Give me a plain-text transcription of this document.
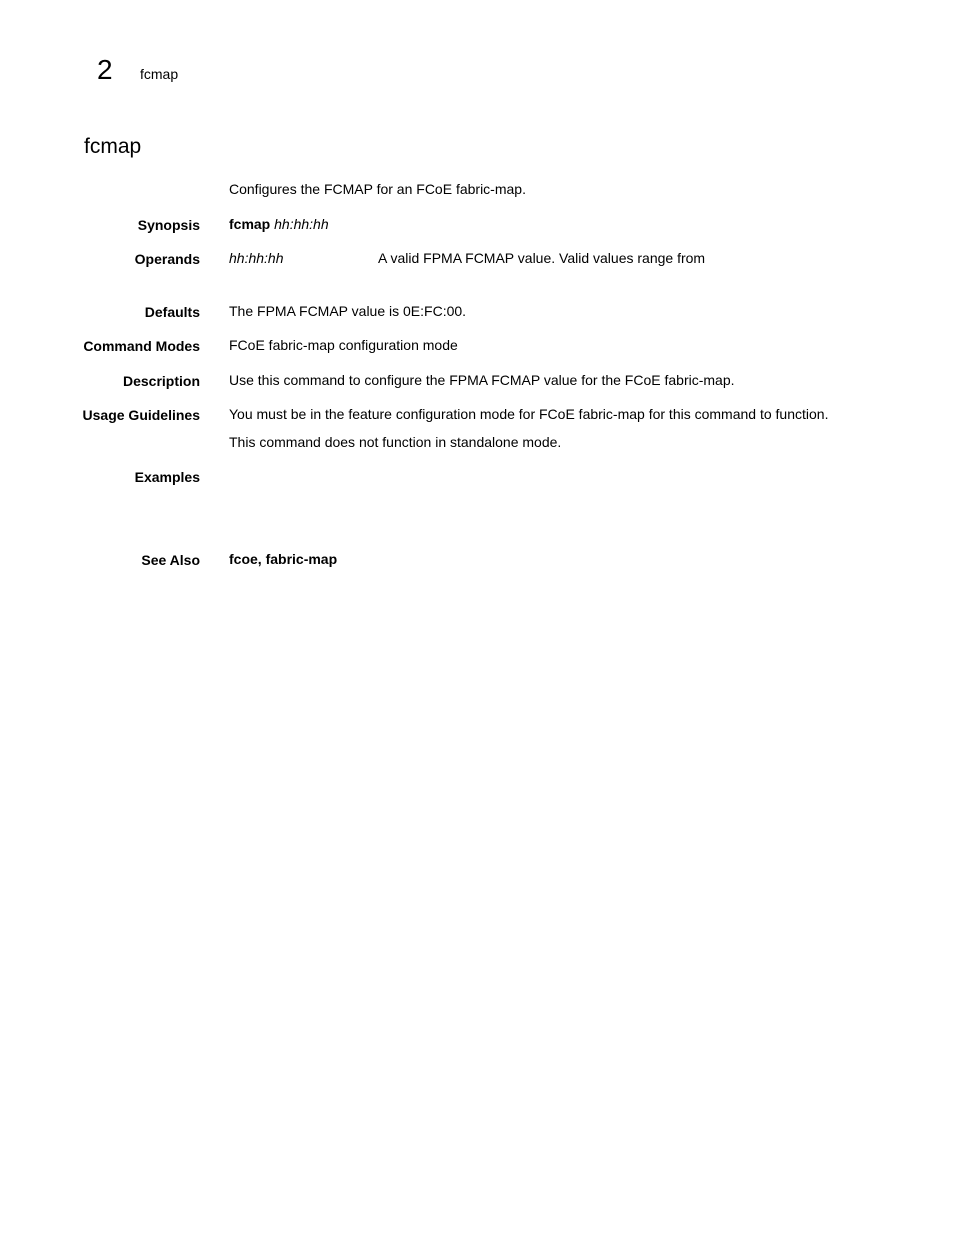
2 fcmap
fcmap
Configures the FCMAP for an FCoE fabric-map.
Synopsis fcmap hh:hh:hh
Operands hh:hh:hh	A valid FPMA FCMAP value. Valid values range from
Defaults The FPMA FCMAP value is 0E:FC:00.
Command Modes FCoE fabric-map configuration mode
Description Use this command to configure the FPMA FCMAP value for the FCoE fabric-map.
Usage Guidelines You must be in the feature configuration mode for FCoE fabric-map for this command to function.
This command does not function in standalone mode.
Examples
See Also fcoe, fabric-map
